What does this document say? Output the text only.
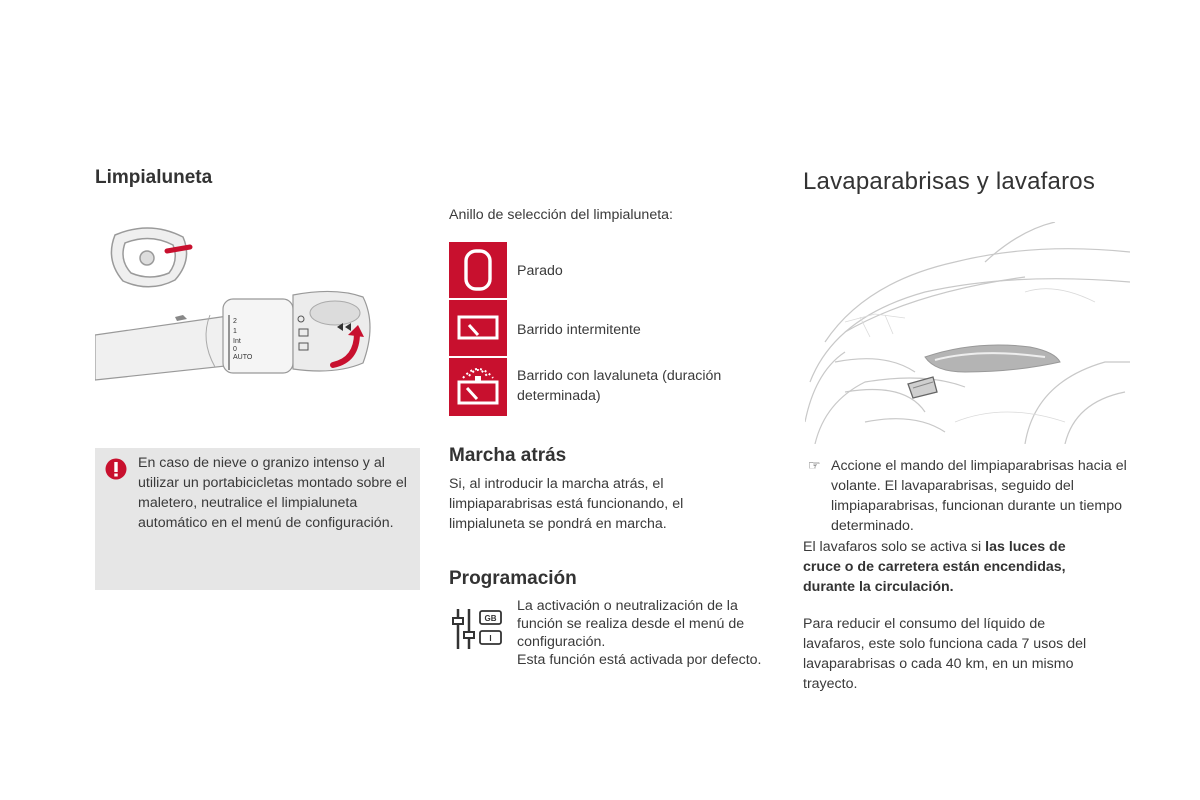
Limpialuneta
2
1
Int
0
AUTO
En caso de nieve o granizo intenso y al utilizar un portabicicletas montado sobre el maletero, neutralice el limpialuneta automático en el menú de configuración.
Anillo de selección del limpialuneta:
Parado
Barrido intermitente
Barrido con lavaluneta (duración determinada)
Marcha atrás
Si, al introducir la marcha atrás, el limpiaparabrisas está funcionando, el limpialuneta se pondrá en marcha.
Programación
GB
I
La activación o neutralización de la función se realiza desde el menú de configuración.
Esta función está activada por defecto.
Lavaparabrisas y lavafaros
☞ Accione el mando del limpiaparabrisas hacia el volante. El lavaparabrisas, seguido del limpiaparabrisas, funcionan durante un tiempo determinado.
El lavafaros solo se activa si las luces de cruce o de carretera están encendidas, durante la circulación.
Para reducir el consumo del líquido de lavafaros, este solo funciona cada 7 usos del lavaparabrisas o cada 40 km, en un mismo trayecto.
